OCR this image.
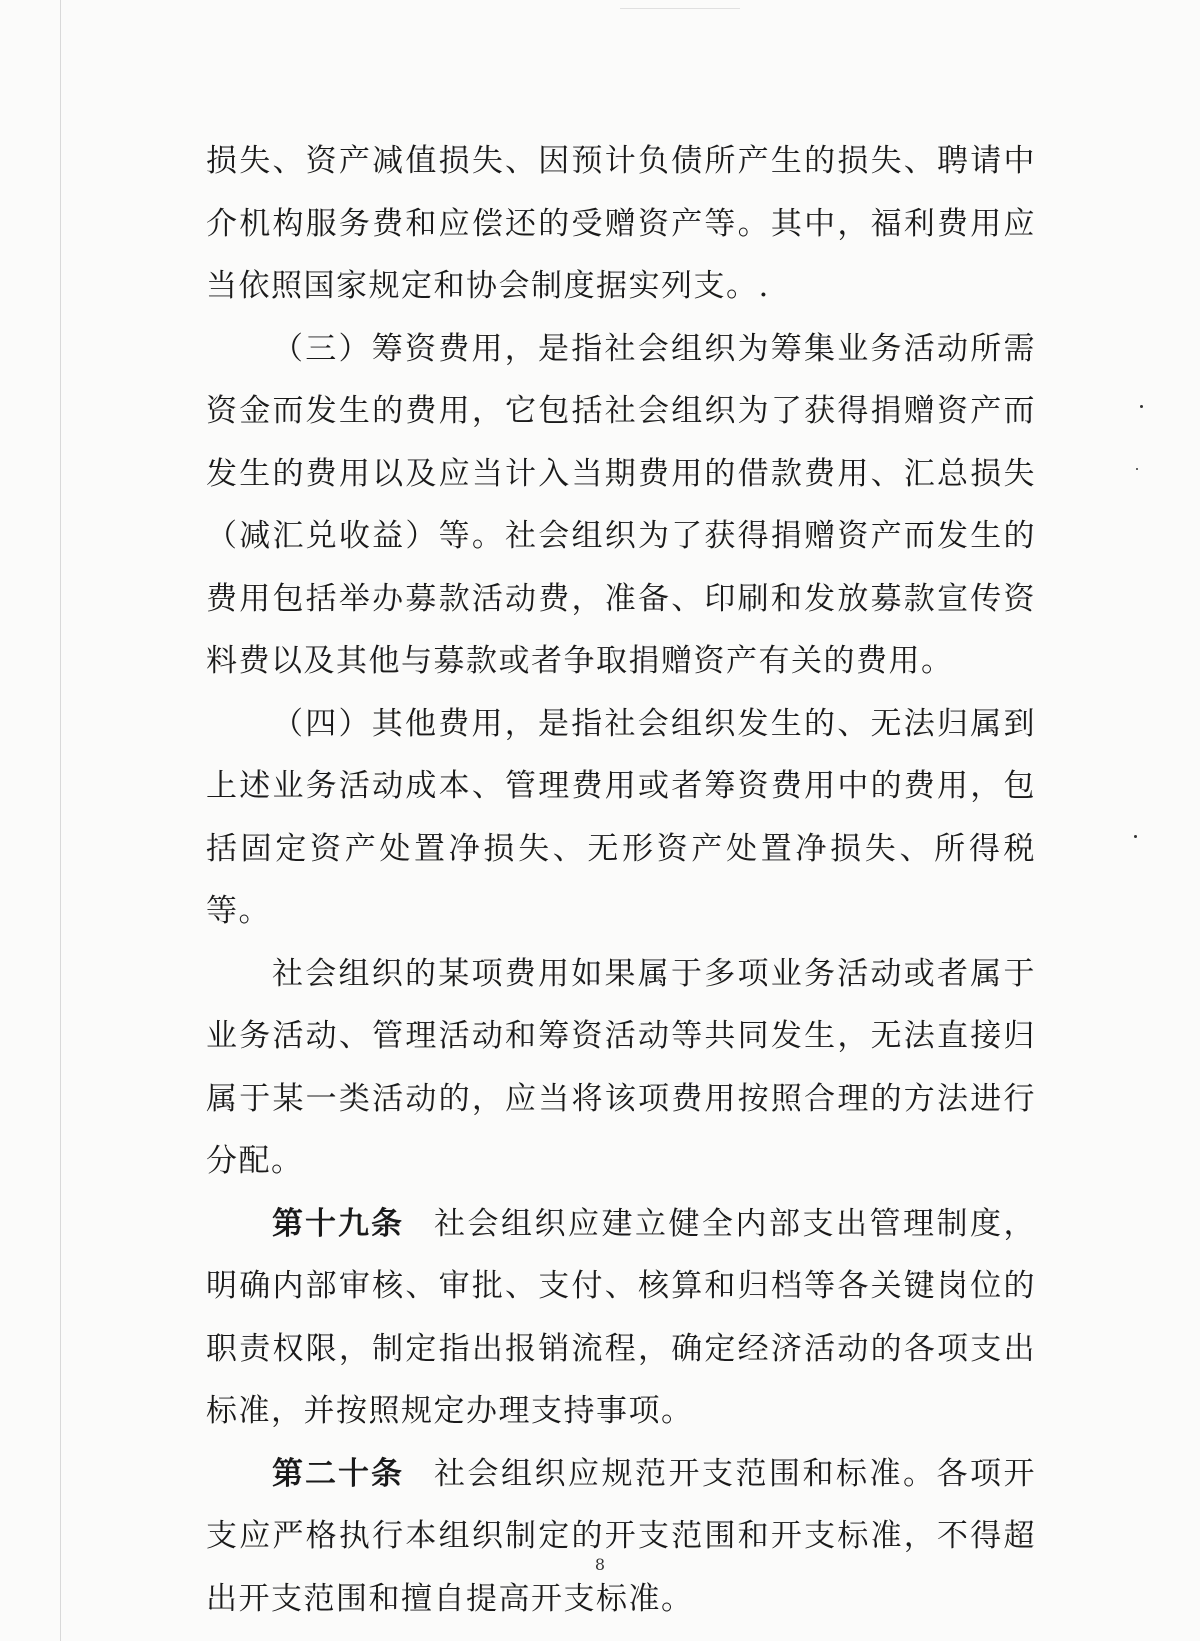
损失、资产减值损失、因预计负债所产生的损失、聘请中介机构服务费和应偿还的受赠资产等。其中，福利费用应当依照国家规定和协会制度据实列支。.

（三）筹资费用，是指社会组织为筹集业务活动所需资金而发生的费用，它包括社会组织为了获得捐赠资产而发生的费用以及应当计入当期费用的借款费用、汇总损失（减汇兑收益）等。社会组织为了获得捐赠资产而发生的费用包括举办募款活动费，准备、印刷和发放募款宣传资料费以及其他与募款或者争取捐赠资产有关的费用。

（四）其他费用，是指社会组织发生的、无法归属到上述业务活动成本、管理费用或者筹资费用中的费用，包括固定资产处置净损失、无形资产处置净损失、所得税等。

社会组织的某项费用如果属于多项业务活动或者属于业务活动、管理活动和筹资活动等共同发生，无法直接归属于某一类活动的，应当将该项费用按照合理的方法进行分配。

第十九条 社会组织应建立健全内部支出管理制度，明确内部审核、审批、支付、核算和归档等各关键岗位的职责权限，制定指出报销流程，确定经济活动的各项支出标准，并按照规定办理支持事项。

第二十条 社会组织应规范开支范围和标准。各项开支应严格执行本组织制定的开支范围和开支标准，不得超出开支范围和擅自提高开支标准。

8
